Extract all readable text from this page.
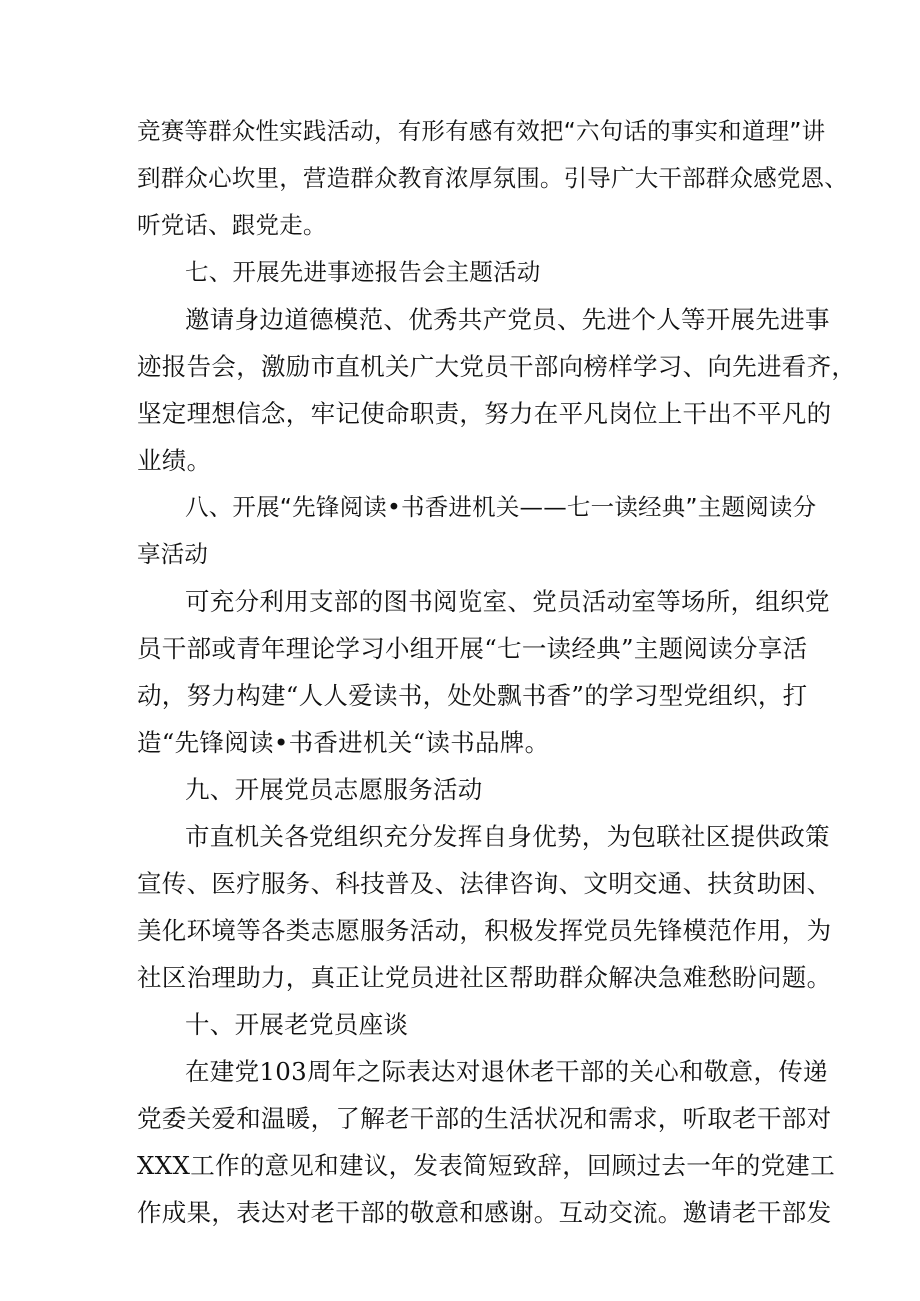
竞赛等群众性实践活动，有形有感有效把“六句话的事实和道理”讲
到群众心坎里，营造群众教育浓厚氛围。引导广大干部群众感党恩、
听党话、跟党走。
七、开展先进事迹报告会主题活动
邀请身边道德模范、优秀共产党员、先进个人等开展先进事
迹报告会，激励市直机关广大党员干部向榜样学习、向先进看齐，
坚定理想信念，牢记使命职责，努力在平凡岗位上干出不平凡的
业绩。
八、开展“先锋阅读•书香进机关——七一读经典”主题阅读分
享活动
可充分利用支部的图书阅览室、党员活动室等场所，组织党
员干部或青年理论学习小组开展“七一读经典”主题阅读分享活
动，努力构建“人人爱读书，处处飘书香”的学习型党组织，打
造“先锋阅读•书香进机关“读书品牌。
九、开展党员志愿服务活动
市直机关各党组织充分发挥自身优势，为包联社区提供政策
宣传、医疗服务、科技普及、法律咨询、文明交通、扶贫助困、
美化环境等各类志愿服务活动，积极发挥党员先锋模范作用，为
社区治理助力，真正让党员进社区帮助群众解决急难愁盼问题。
十、开展老党员座谈
在建党103周年之际表达对退休老干部的关心和敬意，传递
党委关爱和温暖，了解老干部的生活状况和需求，听取老干部对
XXX工作的意见和建议，发表简短致辞，回顾过去一年的党建工
作成果，表达对老干部的敬意和感谢。互动交流。邀请老干部发
